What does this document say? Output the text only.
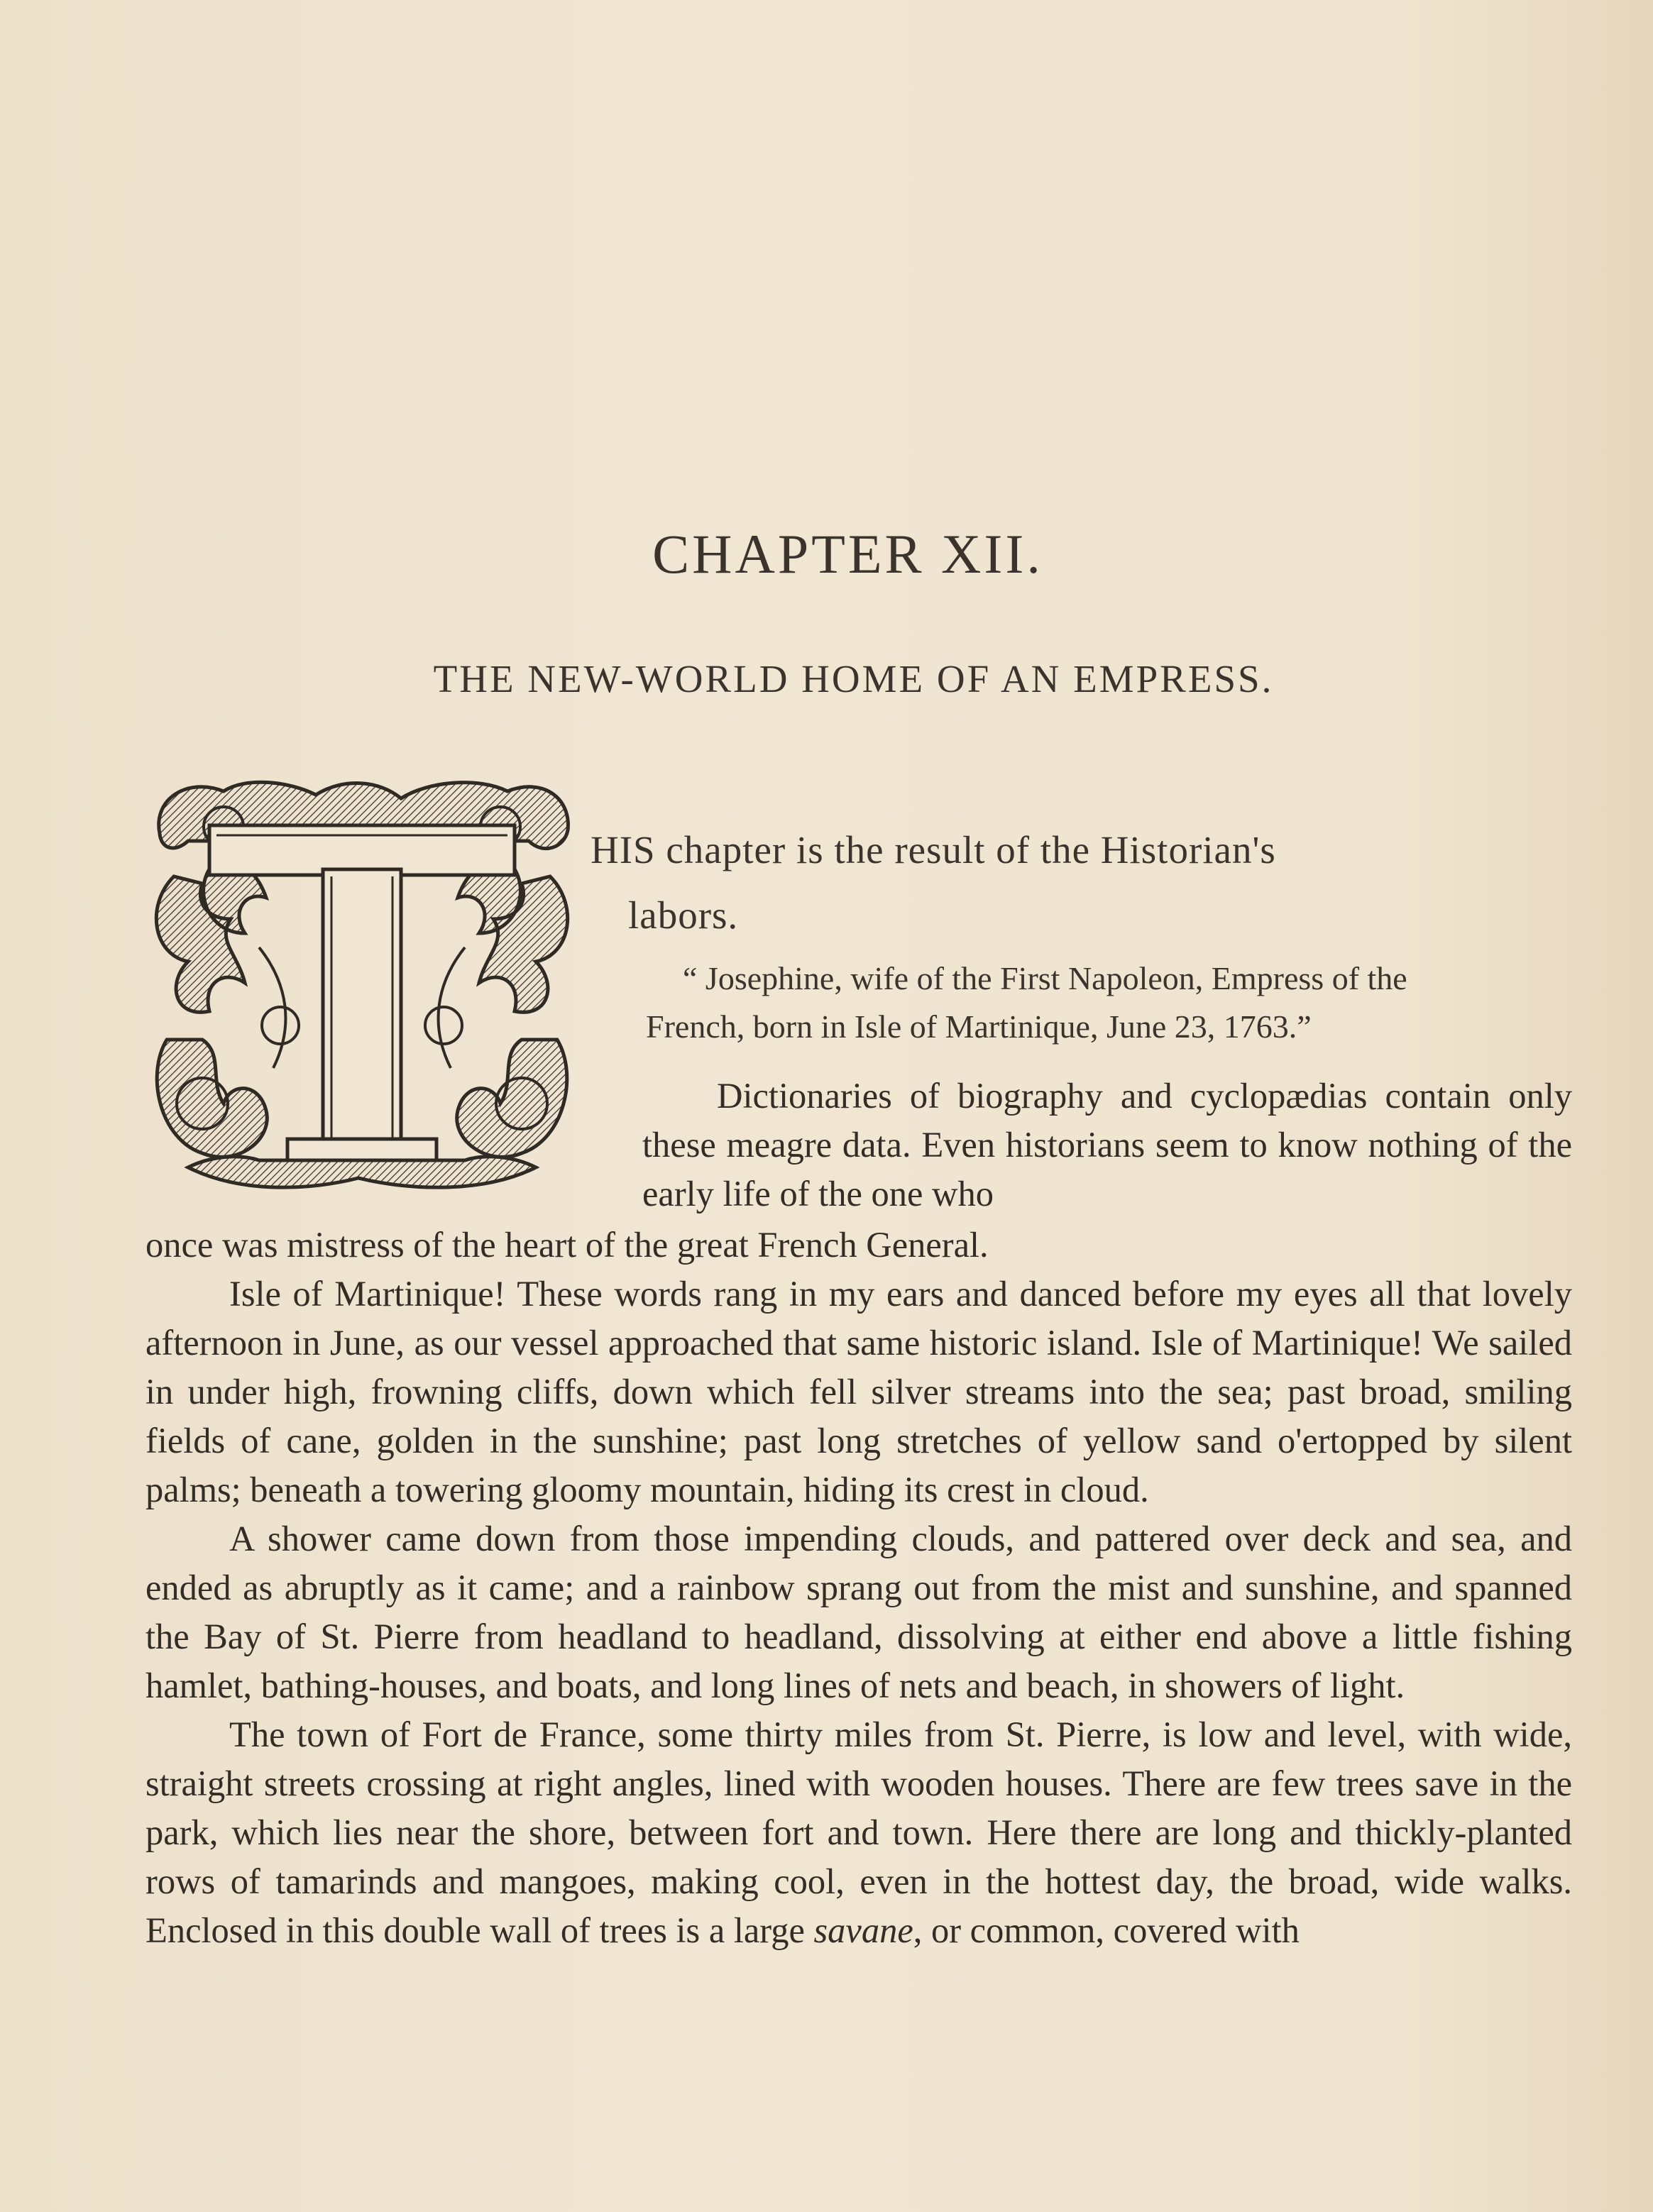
CHAPTER XII.
THE NEW-WORLD HOME OF AN EMPRESS.
HIS chapter is the result of the Historian's
labors.
“ Josephine, wife of the First Napoleon, Empress of the
French, born in Isle of Martinique, June 23, 1763.”

Dictionaries of biography and cyclopædias contain only these meagre data. Even historians seem to know nothing of the early life of the one who

once was mistress of the heart of the great French General.

Isle of Martinique! These words rang in my ears and danced before my eyes all that lovely afternoon in June, as our vessel approached that same historic island. Isle of Martinique! We sailed in under high, frowning cliffs, down which fell silver streams into the sea; past broad, smiling fields of cane, golden in the sunshine; past long stretches of yellow sand o'ertopped by silent palms; beneath a towering gloomy mountain, hiding its crest in cloud.

A shower came down from those impending clouds, and pattered over deck and sea, and ended as abruptly as it came; and a rainbow sprang out from the mist and sunshine, and spanned the Bay of St. Pierre from headland to headland, dissolving at either end above a little fishing hamlet, bathing-houses, and boats, and long lines of nets and beach, in showers of light.

The town of Fort de France, some thirty miles from St. Pierre, is low and level, with wide, straight streets crossing at right angles, lined with wooden houses. There are few trees save in the park, which lies near the shore, between fort and town. Here there are long and thickly-planted rows of tamarinds and mangoes, making cool, even in the hottest day, the broad, wide walks. Enclosed in this double wall of trees is a large savane, or common, covered with
